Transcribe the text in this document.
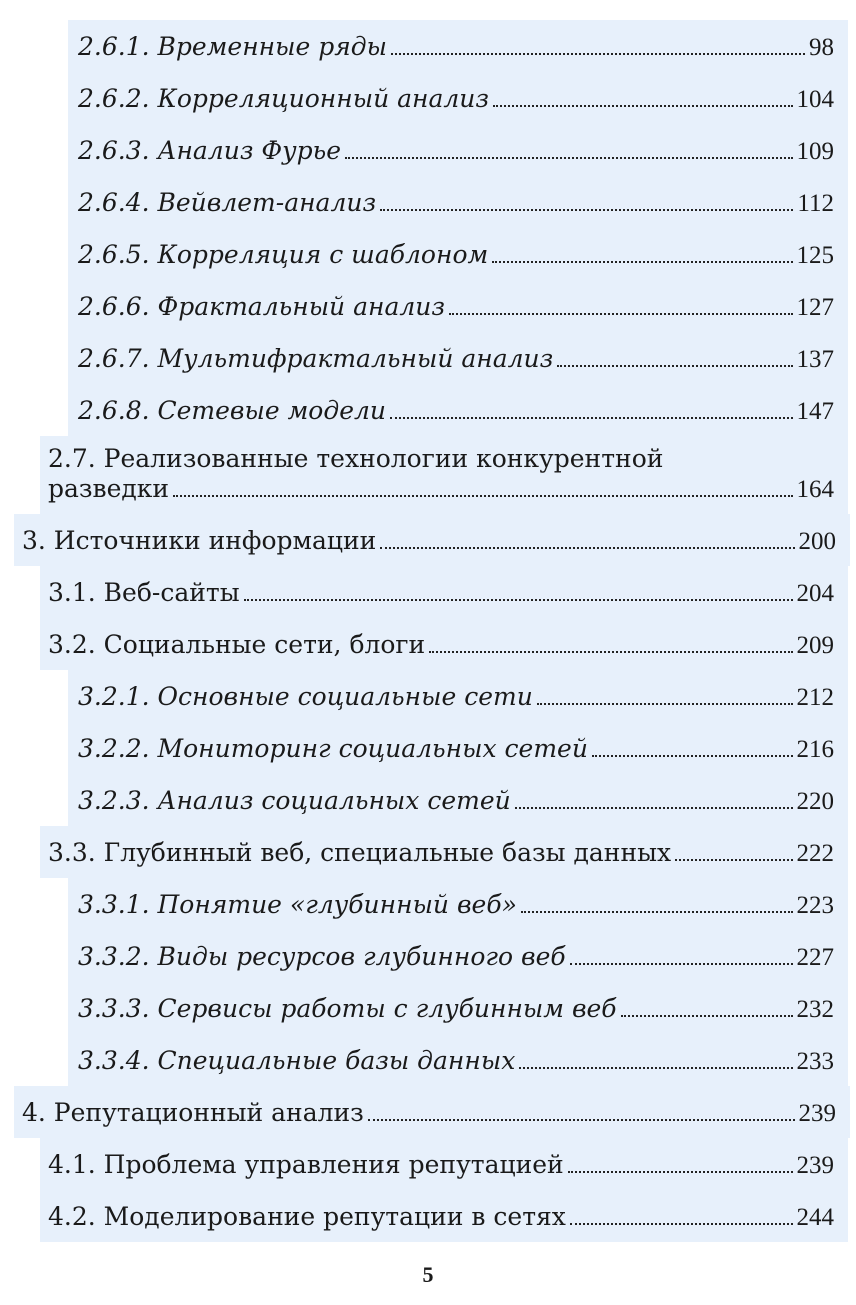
2.6.1. Временные ряды	98
2.6.2. Корреляционный анализ	104
2.6.3. Анализ Фурье	109
2.6.4. Вейвлет-анализ	112
2.6.5. Корреляция с шаблоном	125
2.6.6. Фрактальный анализ	127
2.6.7. Мультифрактальный анализ	137
2.6.8. Сетевые модели	147
2.7. Реализованные технологии конкурентной
разведки	164
3. Источники информации	200
3.1. Веб-сайты	204
3.2. Социальные сети, блоги	209
3.2.1. Основные социальные сети	212
3.2.2. Мониторинг социальных сетей	216
3.2.3. Анализ социальных сетей	220
3.3. Глубинный веб, специальные базы данных	222
3.3.1. Понятие «глубинный веб»	223
3.3.2. Виды ресурсов глубинного веб	227
3.3.3. Сервисы работы с глубинным веб	232
3.3.4. Специальные базы данных	233
4. Репутационный анализ	239
4.1. Проблема управления репутацией	239
4.2. Моделирование репутации в сетях	244
5
